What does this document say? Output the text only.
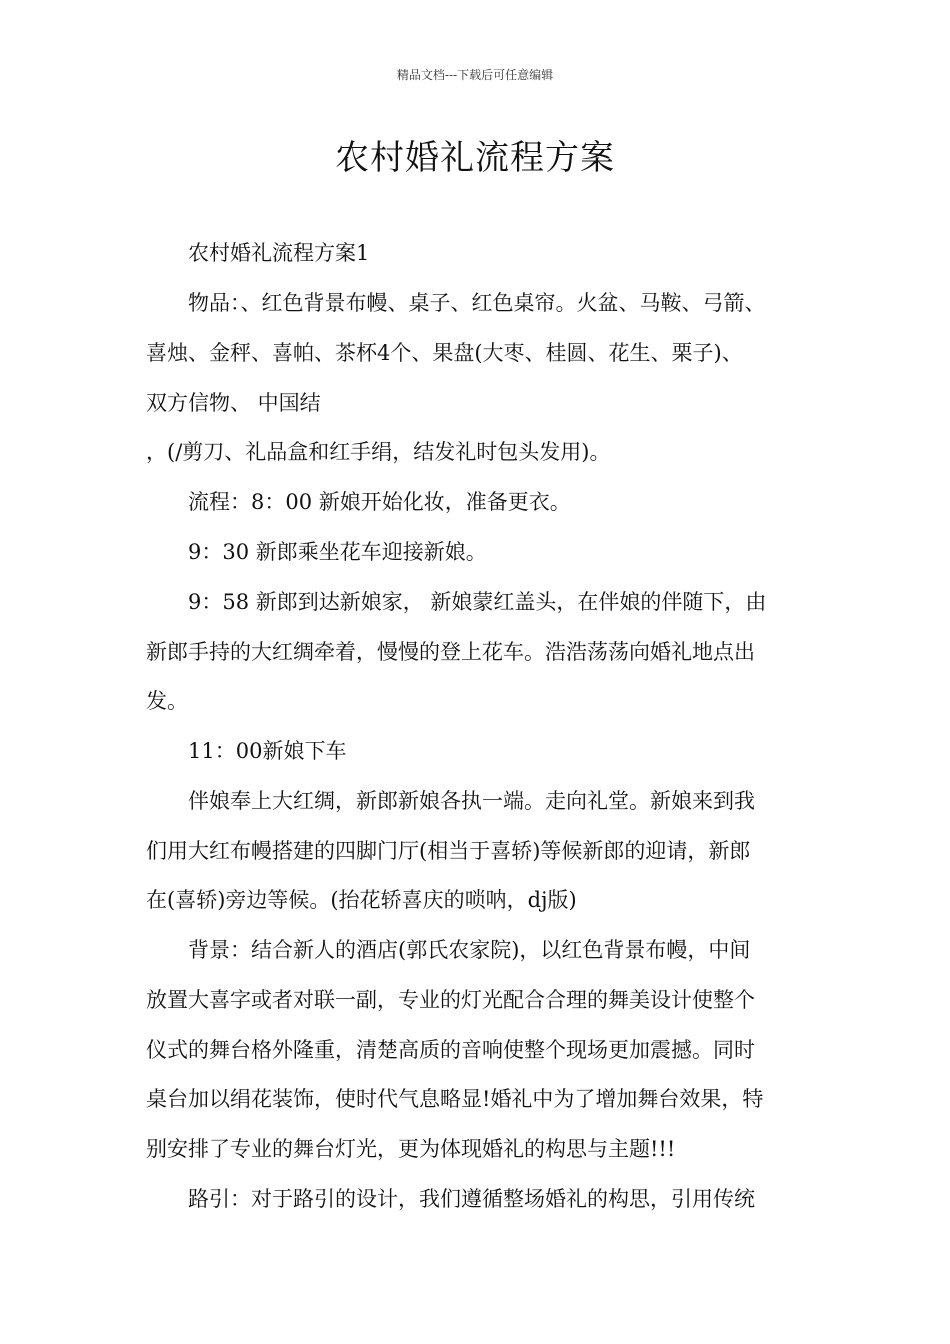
精品文档---下载后可任意编辑
农村婚礼流程方案
农村婚礼流程方案1
物品：、红色背景布幔、桌子、红色桌帘。火盆、马鞍、弓箭、
喜烛、金秤、喜帕、茶杯4个、果盘(大枣、桂圆、花生、栗子)、
双方信物、 中国结
，(/剪刀、礼品盒和红手绢，结发礼时包头发用)。
流程：8：00 新娘开始化妆，准备更衣。
9：30 新郎乘坐花车迎接新娘。
9：58 新郎到达新娘家， 新娘蒙红盖头，在伴娘的伴随下，由
新郎手持的大红绸牵着，慢慢的登上花车。浩浩荡荡向婚礼地点出
发。
11：00新娘下车
伴娘奉上大红绸，新郎新娘各执一端。走向礼堂。新娘来到我
们用大红布幔搭建的四脚门厅(相当于喜轿)等候新郎的迎请，新郎
在(喜轿)旁边等候。(抬花轿喜庆的唢呐，dj版)
背景：结合新人的酒店(郭氏农家院)，以红色背景布幔，中间
放置大喜字或者对联一副，专业的灯光配合合理的舞美设计使整个
仪式的舞台格外隆重，清楚高质的音响使整个现场更加震撼。同时
桌台加以绢花装饰，使时代气息略显!婚礼中为了增加舞台效果，特
别安排了专业的舞台灯光，更为体现婚礼的构思与主题!!!
路引：对于路引的设计，我们遵循整场婚礼的构思，引用传统
